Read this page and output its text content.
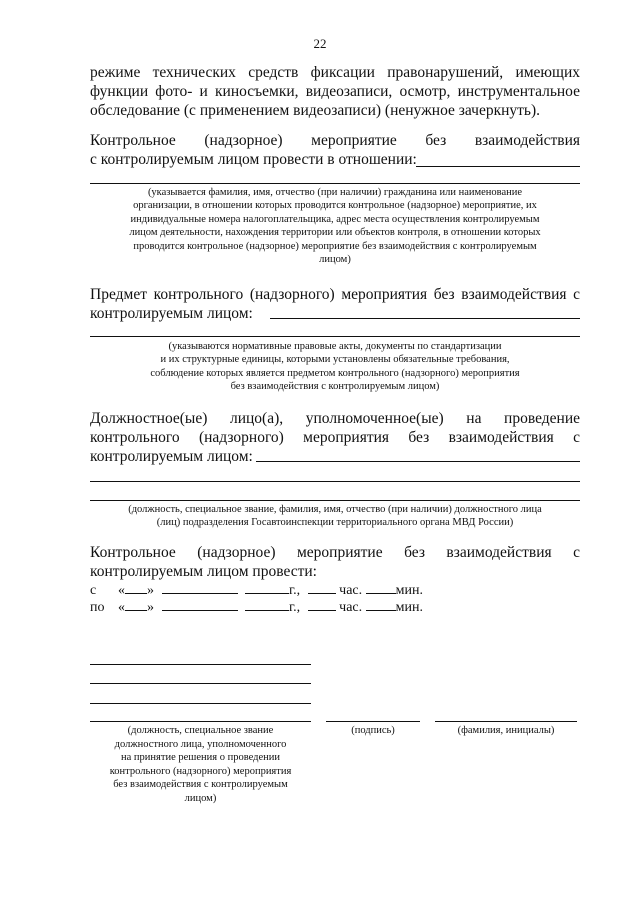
22
режиме технических средств фиксации правонарушений, имеющих
функции фото- и киносъемки, видеозаписи, осмотр, инструментальное
обследование (с применением видеозаписи) (ненужное зачеркнуть).
Контрольное (надзорное) мероприятие без взаимодействия
с контролируемым лицом провести в отношении:
(указывается фамилия, имя, отчество (при наличии) гражданина или наименование
организации, в отношении которых проводится контрольное (надзорное) мероприятие, их
индивидуальные номера налогоплательщика, адрес места осуществления контролируемым
лицом деятельности, нахождения территории или объектов контроля, в отношении которых
проводится контрольное (надзорное) мероприятие без взаимодействия с контролируемым
лицом)
Предмет контрольного (надзорного) мероприятия без взаимодействия с
контролируемым лицом:
(указываются нормативные правовые акты, документы по стандартизации
и их структурные единицы, которыми установлены обязательные требования,
соблюдение которых является предметом контрольного (надзорного) мероприятия
без взаимодействия с контролируемым лицом)
Должностное(ые) лицо(а), уполномоченное(ые) на проведение
контрольного (надзорного) мероприятия без взаимодействия с
контролируемым лицом:
(должность, специальное звание, фамилия, имя, отчество (при наличии) должностного лица
(лиц) подразделения Госавтоинспекции территориального органа МВД России)
Контрольное (надзорное) мероприятие без взаимодействия с
контролируемым лицом провести:
с « »	г.,	час. мин.
по « »	г.,	час. мин.
(должность, специальное звание
должностного лица, уполномоченного
на принятие решения о проведении
контрольного (надзорного) мероприятия
без взаимодействия с контролируемым
лицом)
(подпись)	(фамилия, инициалы)
